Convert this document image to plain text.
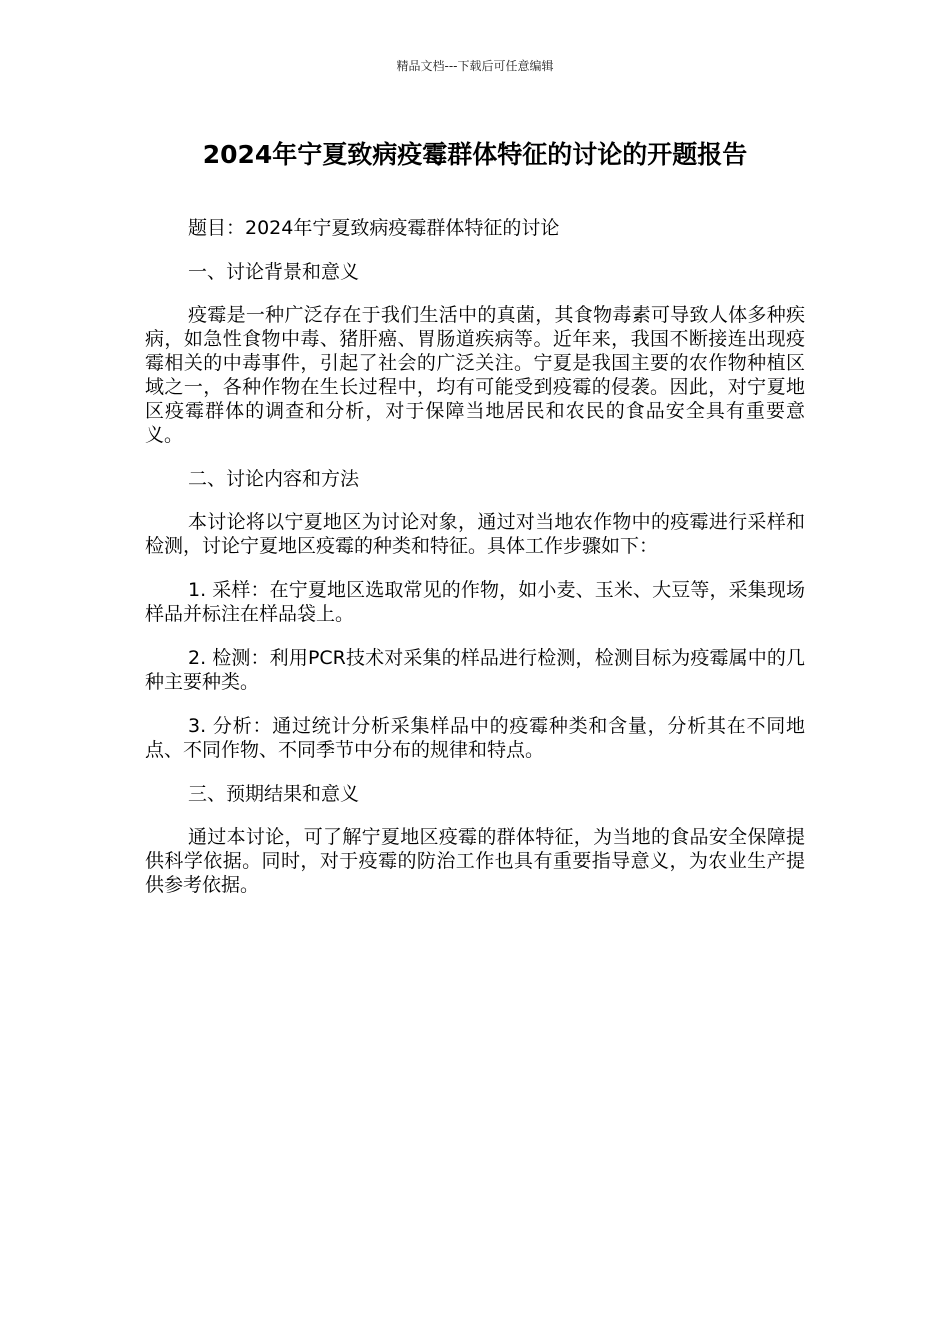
精品文档---下载后可任意编辑
2024年宁夏致病疫霉群体特征的讨论的开题报告

题目：2024年宁夏致病疫霉群体特征的讨论

一、讨论背景和意义

疫霉是一种广泛存在于我们生活中的真菌，其食物毒素可导致人体多种疾病，如急性食物中毒、猪肝癌、胃肠道疾病等。近年来，我国不断接连出现疫霉相关的中毒事件，引起了社会的广泛关注。宁夏是我国主要的农作物种植区域之一，各种作物在生长过程中，均有可能受到疫霉的侵袭。因此，对宁夏地区疫霉群体的调查和分析，对于保障当地居民和农民的食品安全具有重要意义。

二、讨论内容和方法

本讨论将以宁夏地区为讨论对象，通过对当地农作物中的疫霉进行采样和检测，讨论宁夏地区疫霉的种类和特征。具体工作步骤如下：

1. 采样：在宁夏地区选取常见的作物，如小麦、玉米、大豆等，采集现场样品并标注在样品袋上。

2. 检测：利用PCR技术对采集的样品进行检测，检测目标为疫霉属中的几种主要种类。

3. 分析：通过统计分析采集样品中的疫霉种类和含量，分析其在不同地点、不同作物、不同季节中分布的规律和特点。

三、预期结果和意义

通过本讨论，可了解宁夏地区疫霉的群体特征，为当地的食品安全保障提供科学依据。同时，对于疫霉的防治工作也具有重要指导意义，为农业生产提供参考依据。
